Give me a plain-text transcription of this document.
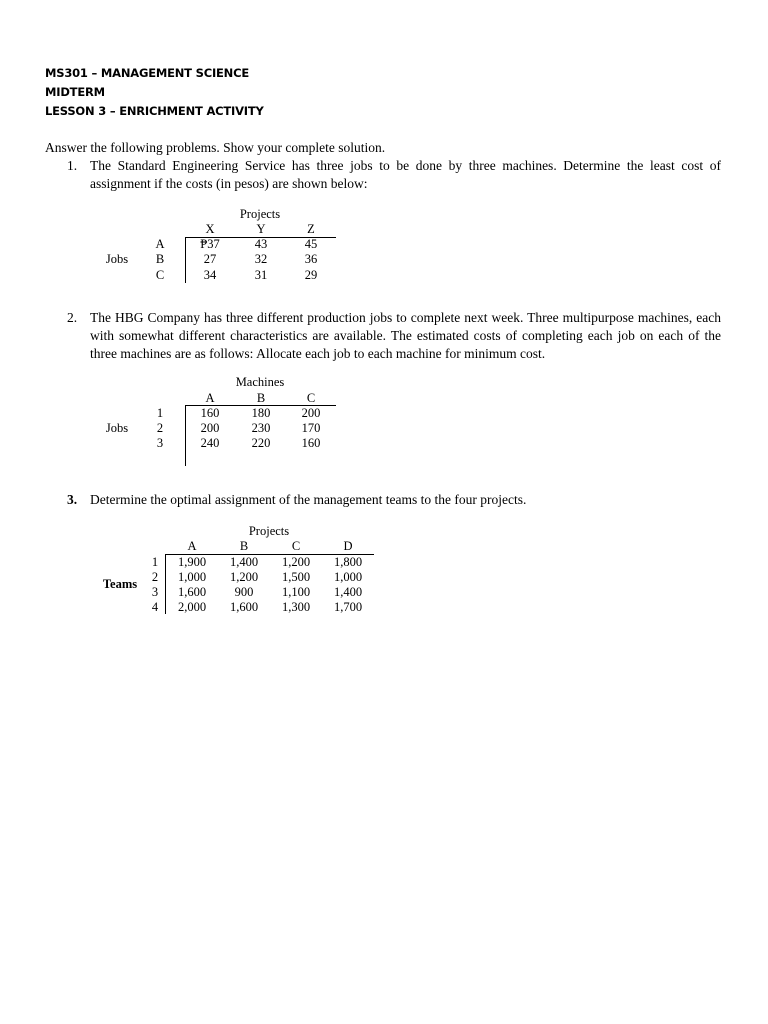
MS301 – MANAGEMENT SCIENCE
MIDTERM
LESSON 3 – ENRICHMENT ACTIVITY
Answer the following problems. Show your complete solution.
1. The Standard Engineering Service has three jobs to be done by three machines. Determine the least cost of assignment if the costs (in pesos) are shown below:
Projects
X	Y	Z
Jobs
A	₱37	43	45
B	27	32	36
C	34	31	29
2. The HBG Company has three different production jobs to complete next week. Three multipurpose machines, each with somewhat different characteristics are available. The estimated costs of completing each job on each of the three machines are as follows: Allocate each job to each machine for minimum cost.
Machines
A	B	C
Jobs
1	160	180	200
2	200	230	170
3	240	220	160
3. Determine the optimal assignment of the management teams to the four projects.
Projects
A	B	C	D
Teams
1	1,900	1,400	1,200	1,800
2	1,000	1,200	1,500	1,000
3	1,600	900	1,100	1,400
4	2,000	1,600	1,300	1,700
